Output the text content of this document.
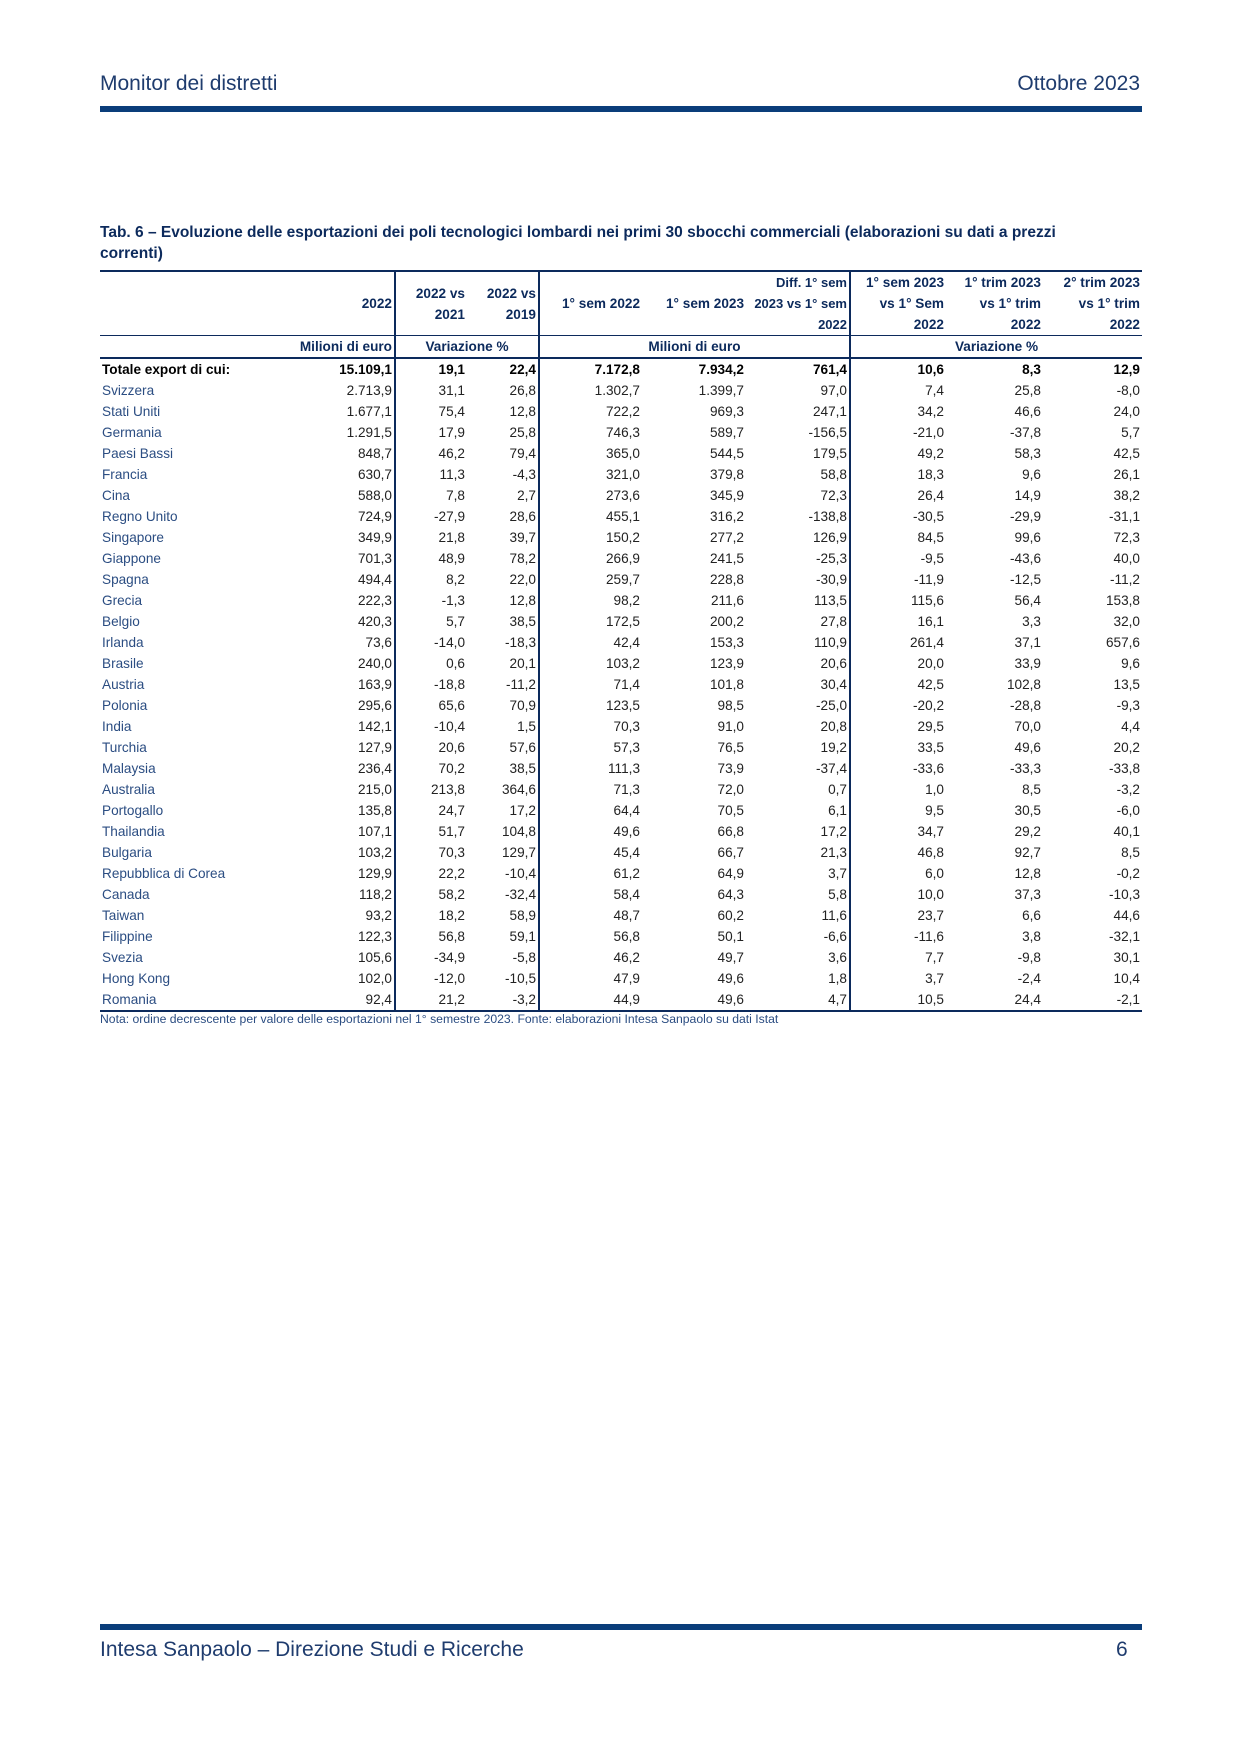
Monitor dei distretti	Ottobre 2023
Tab. 6 – Evoluzione delle esportazioni dei poli tecnologici lombardi nei primi 30 sbocchi commerciali (elaborazioni su dati a prezzi correnti)
	2022	2022 vs 2021	2022 vs 2019	1° sem 2022	1° sem 2023	Diff. 1° sem 2023 vs 1° sem 2022	1° sem 2023 vs 1° Sem 2022	1° trim 2023 vs 1° trim 2022	2° trim 2023 vs 1° trim 2022
	Milioni di euro	Variazione %		Milioni di euro			Variazione %		
Totale export di cui:	15.109,1	19,1	22,4	7.172,8	7.934,2	761,4	10,6	8,3	12,9
Svizzera	2.713,9	31,1	26,8	1.302,7	1.399,7	97,0	7,4	25,8	-8,0
Stati Uniti	1.677,1	75,4	12,8	722,2	969,3	247,1	34,2	46,6	24,0
Germania	1.291,5	17,9	25,8	746,3	589,7	-156,5	-21,0	-37,8	5,7
Paesi Bassi	848,7	46,2	79,4	365,0	544,5	179,5	49,2	58,3	42,5
Francia	630,7	11,3	-4,3	321,0	379,8	58,8	18,3	9,6	26,1
Cina	588,0	7,8	2,7	273,6	345,9	72,3	26,4	14,9	38,2
Regno Unito	724,9	-27,9	28,6	455,1	316,2	-138,8	-30,5	-29,9	-31,1
Singapore	349,9	21,8	39,7	150,2	277,2	126,9	84,5	99,6	72,3
Giappone	701,3	48,9	78,2	266,9	241,5	-25,3	-9,5	-43,6	40,0
Spagna	494,4	8,2	22,0	259,7	228,8	-30,9	-11,9	-12,5	-11,2
Grecia	222,3	-1,3	12,8	98,2	211,6	113,5	115,6	56,4	153,8
Belgio	420,3	5,7	38,5	172,5	200,2	27,8	16,1	3,3	32,0
Irlanda	73,6	-14,0	-18,3	42,4	153,3	110,9	261,4	37,1	657,6
Brasile	240,0	0,6	20,1	103,2	123,9	20,6	20,0	33,9	9,6
Austria	163,9	-18,8	-11,2	71,4	101,8	30,4	42,5	102,8	13,5
Polonia	295,6	65,6	70,9	123,5	98,5	-25,0	-20,2	-28,8	-9,3
India	142,1	-10,4	1,5	70,3	91,0	20,8	29,5	70,0	4,4
Turchia	127,9	20,6	57,6	57,3	76,5	19,2	33,5	49,6	20,2
Malaysia	236,4	70,2	38,5	111,3	73,9	-37,4	-33,6	-33,3	-33,8
Australia	215,0	213,8	364,6	71,3	72,0	0,7	1,0	8,5	-3,2
Portogallo	135,8	24,7	17,2	64,4	70,5	6,1	9,5	30,5	-6,0
Thailandia	107,1	51,7	104,8	49,6	66,8	17,2	34,7	29,2	40,1
Bulgaria	103,2	70,3	129,7	45,4	66,7	21,3	46,8	92,7	8,5
Repubblica di Corea	129,9	22,2	-10,4	61,2	64,9	3,7	6,0	12,8	-0,2
Canada	118,2	58,2	-32,4	58,4	64,3	5,8	10,0	37,3	-10,3
Taiwan	93,2	18,2	58,9	48,7	60,2	11,6	23,7	6,6	44,6
Filippine	122,3	56,8	59,1	56,8	50,1	-6,6	-11,6	3,8	-32,1
Svezia	105,6	-34,9	-5,8	46,2	49,7	3,6	7,7	-9,8	30,1
Hong Kong	102,0	-12,0	-10,5	47,9	49,6	1,8	3,7	-2,4	10,4
Romania	92,4	21,2	-3,2	44,9	49,6	4,7	10,5	24,4	-2,1
Nota: ordine decrescente per valore delle esportazioni nel 1° semestre 2023. Fonte: elaborazioni Intesa Sanpaolo su dati Istat
Intesa Sanpaolo – Direzione Studi e Ricerche	6
